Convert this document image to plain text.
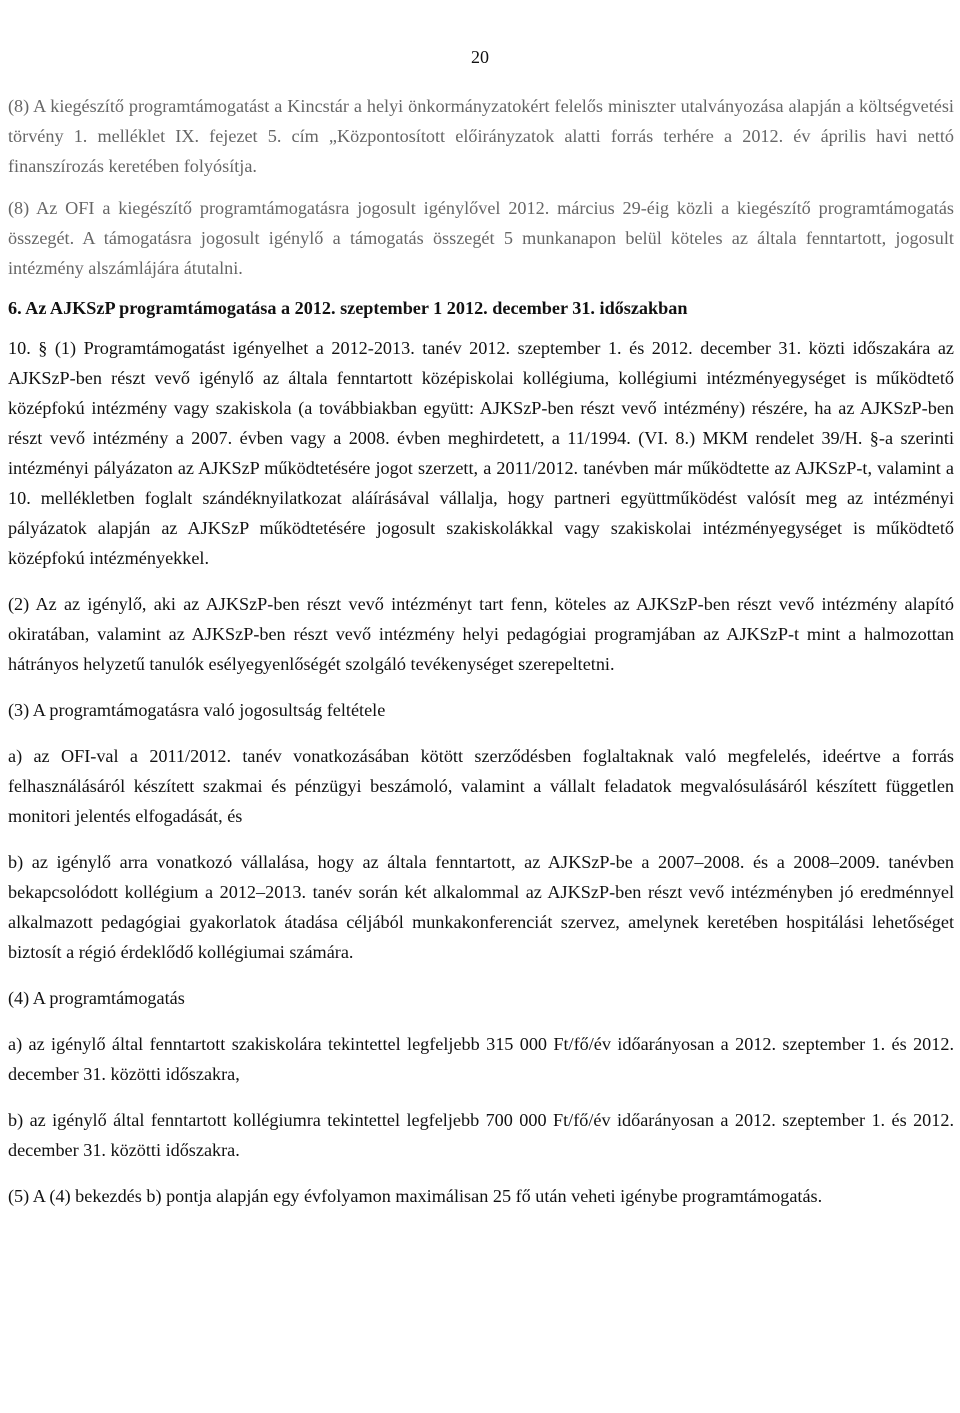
Az előterjesztést a Kormány nem tárgyalta meg, ezért az nem tekinthető a Kormány álláspontjának.
20

(8) A kiegészítő programtámogatást a Kincstár a helyi önkormányzatokért felelős miniszter utalványozása alapján a költségvetési törvény 1. melléklet IX. fejezet 5. cím „Központosított előirányzatok alatti forrás terhére a 2012. év április havi nettó finanszírozás keretében folyósítja.

(8) Az OFI a kiegészítő programtámogatásra jogosult igénylővel 2012. március 29-éig közli a kiegészítő programtámogatás összegét. A támogatásra jogosult igénylő a támogatás összegét 5 munkanapon belül köteles az általa fenntartott, jogosult intézmény alszámlájára átutalni.

6. Az AJKSzP programtámogatása a 2012. szeptember 1 2012. december 31. időszakban

10. § (1) Programtámogatást igényelhet a 2012-2013. tanév 2012. szeptember 1. és 2012. december 31. közti időszakára az AJKSzP-ben részt vevő igénylő az általa fenntartott középiskolai kollégiuma, kollégiumi intézményegységet is működtető középfokú intézmény vagy szakiskola (a továbbiakban együtt: AJKSzP-ben részt vevő intézmény) részére, ha az AJKSzP-ben részt vevő intézmény a 2007. évben vagy a 2008. évben meghirdetett, a 11/1994. (VI. 8.) MKM rendelet 39/H. §-a szerinti intézményi pályázaton az AJKSzP működtetésére jogot szerzett, a 2011/2012. tanévben már működtette az AJKSzP-t, valamint a 10. mellékletben foglalt szándéknyilatkozat aláírásával vállalja, hogy partneri együttműködést valósít meg az intézményi pályázatok alapján az AJKSzP működtetésére jogosult szakiskolákkal vagy szakiskolai intézményegységet is működtető középfokú intézményekkel.

(2) Az az igénylő, aki az AJKSzP-ben részt vevő intézményt tart fenn, köteles az AJKSzP-ben részt vevő intézmény alapító okiratában, valamint az AJKSzP-ben részt vevő intézmény helyi pedagógiai programjában az AJKSzP-t mint a halmozottan hátrányos helyzetű tanulók esélyegyenlőségét szolgáló tevékenységet szerepeltetni.

(3) A programtámogatásra való jogosultság feltétele

a) az OFI-val a 2011/2012. tanév vonatkozásában kötött szerződésben foglaltaknak való megfelelés, ideértve a forrás felhasználásáról készített szakmai és pénzügyi beszámoló, valamint a vállalt feladatok megvalósulásáról készített független monitori jelentés elfogadását, és

b) az igénylő arra vonatkozó vállalása, hogy az általa fenntartott, az AJKSzP-be a 2007–2008. és a 2008–2009. tanévben bekapcsolódott kollégium a 2012–2013. tanév során két alkalommal az AJKSzP-ben részt vevő intézményben jó eredménnyel alkalmazott pedagógiai gyakorlatok átadása céljából munkakonferenciát szervez, amelynek keretében hospitálási lehetőséget biztosít a régió érdeklődő kollégiumai számára.

(4) A programtámogatás

a) az igénylő által fenntartott szakiskolára tekintettel legfeljebb 315 000 Ft/fő/év időarányosan a 2012. szeptember 1. és 2012. december 31. közötti időszakra,

b) az igénylő által fenntartott kollégiumra tekintettel legfeljebb 700 000 Ft/fő/év időarányosan a 2012. szeptember 1. és 2012. december 31. közötti időszakra.

(5) A (4) bekezdés b) pontja alapján egy évfolyamon maximálisan 25 fő után veheti igénybe programtámogatás.
